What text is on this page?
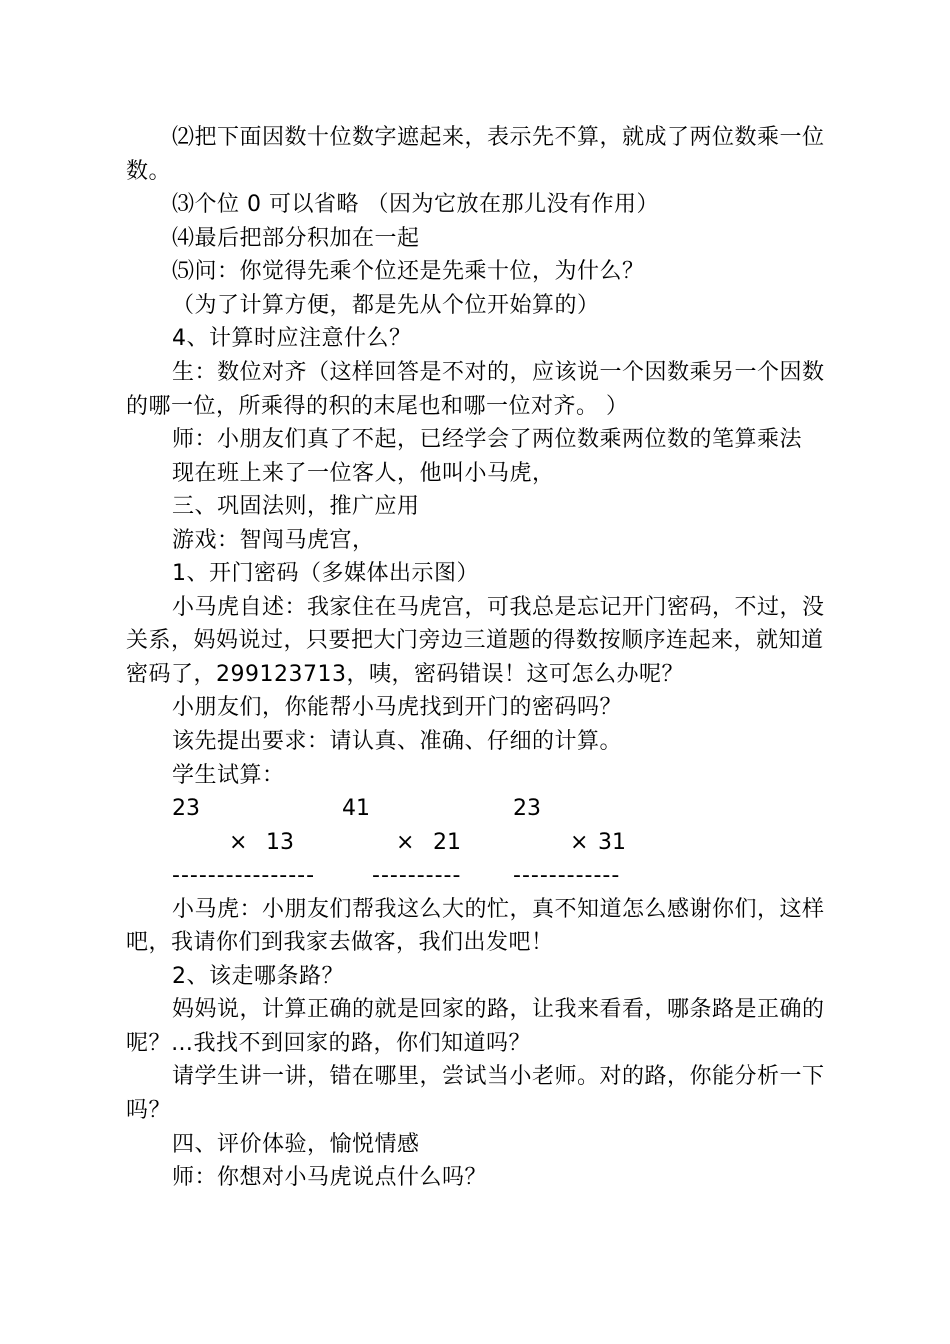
⑵把下面因数十位数字遮起来，表示先不算，就成了两位数乘一位
数。
⑶个位 0 可以省略 （因为它放在那儿没有作用）
⑷最后把部分积加在一起
⑸问：你觉得先乘个位还是先乘十位，为什么？
（为了计算方便，都是先从个位开始算的）
4、计算时应注意什么？
生：数位对齐（这样回答是不对的，应该说一个因数乘另一个因数
的哪一位，所乘得的积的末尾也和哪一位对齐。 ）
师：小朋友们真了不起，已经学会了两位数乘两位数的笔算乘法
现在班上来了一位客人，他叫小马虎，
三、巩固法则，推广应用
游戏：智闯马虎宫，
1、开门密码（多媒体出示图）
小马虎自述：我家住在马虎宫，可我总是忘记开门密码，不过，没
关系，妈妈说过，只要把大门旁边三道题的得数按顺序连起来，就知道
密码了，299123713，咦，密码错误！这可怎么办呢？
小朋友们，你能帮小马虎找到开门的密码吗？
该先提出要求：请认真、准确、仔细的计算。
学生试算：
23
× 13
----------------
41
× 21
----------
23
× 31
------------
小马虎：小朋友们帮我这么大的忙，真不知道怎么感谢你们，这样
吧，我请你们到我家去做客，我们出发吧！
2、该走哪条路？
妈妈说，计算正确的就是回家的路，让我来看看，哪条路是正确的
呢？…我找不到回家的路，你们知道吗？
请学生讲一讲，错在哪里，尝试当小老师。对的路，你能分析一下
吗？
四、评价体验，愉悦情感
师：你想对小马虎说点什么吗？
